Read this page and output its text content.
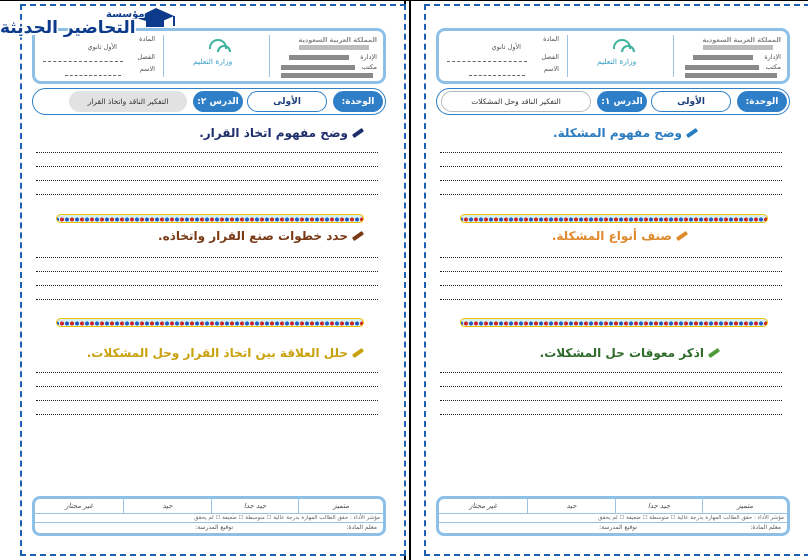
المملكة العربية السعودية
الإدارة
مكتب
وزارة التعليم
المادة
الأول ثانوي
الفصل
الاسم
الوحدة:
الأولى
الدرس ٢:
التفكير الناقد واتخاذ القرار
وضح مفهوم اتخاذ القرار.
حدد خطوات صنع القرار واتخاذه.
حلل العلاقة بين اتخاذ القرار وحل المشكلات.
متميز
جيد جدا
جيد
غير مجتاز
مؤشر الأداء : حقق الطالب المهارة بدرجة عالية ☐ متوسطة ☐ ضعيفة ☐ لم يحقق
معلم المادة:
توقيع المدرسة:
المملكة العربية السعودية
الإدارة
مكتب
وزارة التعليم
المادة
الأول ثانوي
الفصل
الاسم
الوحدة:
الأولى
الدرس ١:
التفكير الناقد وحل المشكلات
وضح مفهوم المشكلة.
صنف أنواع المشكلة.
اذكر معوقات حل المشكلات.
متميز
جيد جدا
جيد
غير مجتاز
مؤشر الأداء : حقق الطالب المهارة بدرجة عالية ☐ متوسطة ☐ ضعيفة ☐ لم يحقق
معلم المادة:
توقيع المدرسة:
مؤسسة
التحاضير الحديثة
